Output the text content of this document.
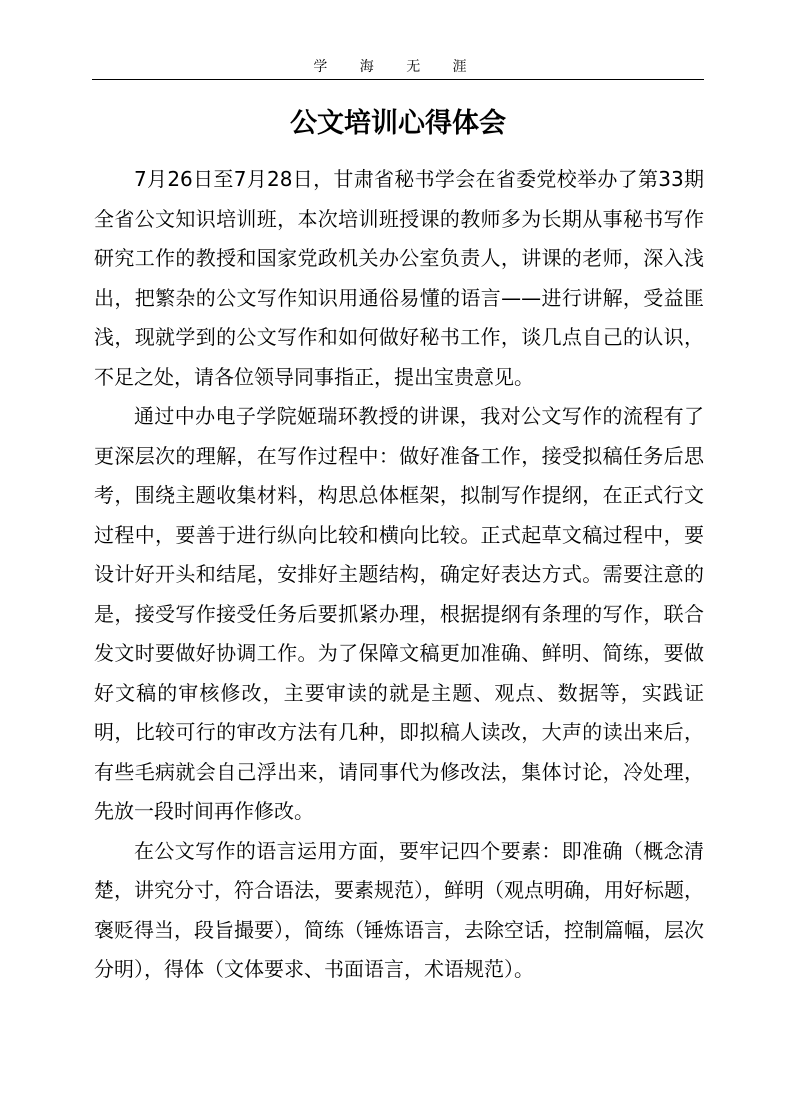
学 海 无 涯
公文培训心得体会

7月26日至7月28日，甘肃省秘书学会在省委党校举办了第33期全省公文知识培训班，本次培训班授课的教师多为长期从事秘书写作研究工作的教授和国家党政机关办公室负责人，讲课的老师，深入浅出，把繁杂的公文写作知识用通俗易懂的语言——进行讲解，受益匪浅，现就学到的公文写作和如何做好秘书工作，谈几点自己的认识，不足之处，请各位领导同事指正，提出宝贵意见。

通过中办电子学院姬瑞环教授的讲课，我对公文写作的流程有了更深层次的理解，在写作过程中：做好准备工作，接受拟稿任务后思考，围绕主题收集材料，构思总体框架，拟制写作提纲，在正式行文过程中，要善于进行纵向比较和横向比较。正式起草文稿过程中，要设计好开头和结尾，安排好主题结构，确定好表达方式。需要注意的是，接受写作接受任务后要抓紧办理，根据提纲有条理的写作，联合发文时要做好协调工作。为了保障文稿更加准确、鲜明、简练，要做好文稿的审核修改，主要审读的就是主题、观点、数据等，实践证明，比较可行的审改方法有几种，即拟稿人读改，大声的读出来后，有些毛病就会自己浮出来，请同事代为修改法，集体讨论，冷处理，先放一段时间再作修改。

在公文写作的语言运用方面，要牢记四个要素：即准确（概念清楚，讲究分寸，符合语法，要素规范），鲜明（观点明确，用好标题，褒贬得当，段旨撮要），简练（锤炼语言，去除空话，控制篇幅，层次分明），得体（文体要求、书面语言，术语规范）。
